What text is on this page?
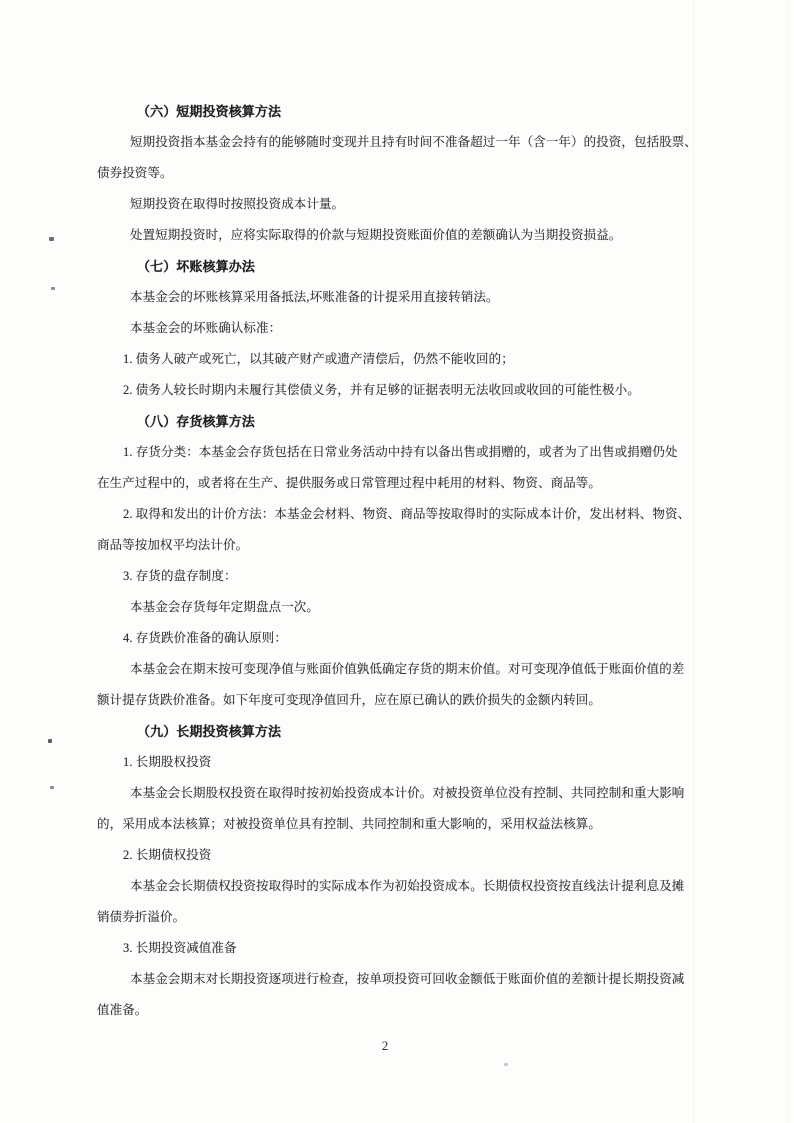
（六）短期投资核算方法
短期投资指本基金会持有的能够随时变现并且持有时间不准备超过一年（含一年）的投资，包括股票、
债券投资等。
短期投资在取得时按照投资成本计量。
处置短期投资时，应将实际取得的价款与短期投资账面价值的差额确认为当期投资损益。
（七）坏账核算办法
本基金会的坏账核算采用备抵法,坏账准备的计提采用直接转销法。
本基金会的坏账确认标准：
1. 债务人破产或死亡，以其破产财产或遗产清偿后，仍然不能收回的；
2. 债务人较长时期内未履行其偿债义务，并有足够的证据表明无法收回或收回的可能性极小。
（八）存货核算方法
1. 存货分类：本基金会存货包括在日常业务活动中持有以备出售或捐赠的，或者为了出售或捐赠仍处
在生产过程中的，或者将在生产、提供服务或日常管理过程中耗用的材料、物资、商品等。
2. 取得和发出的计价方法：本基金会材料、物资、商品等按取得时的实际成本计价，发出材料、物资、
商品等按加权平均法计价。
3. 存货的盘存制度：
本基金会存货每年定期盘点一次。
4. 存货跌价准备的确认原则：
本基金会在期末按可变现净值与账面价值孰低确定存货的期末价值。对可变现净值低于账面价值的差
额计提存货跌价准备。如下年度可变现净值回升，应在原已确认的跌价损失的金额内转回。
（九）长期投资核算方法
1. 长期股权投资
本基金会长期股权投资在取得时按初始投资成本计价。对被投资单位没有控制、共同控制和重大影响
的，采用成本法核算；对被投资单位具有控制、共同控制和重大影响的，采用权益法核算。
2. 长期债权投资
本基金会长期债权投资按取得时的实际成本作为初始投资成本。长期债权投资按直线法计提利息及摊
销债券折溢价。
3. 长期投资减值准备
本基金会期末对长期投资逐项进行检查，按单项投资可回收金额低于账面价值的差额计提长期投资减
值准备。
2
